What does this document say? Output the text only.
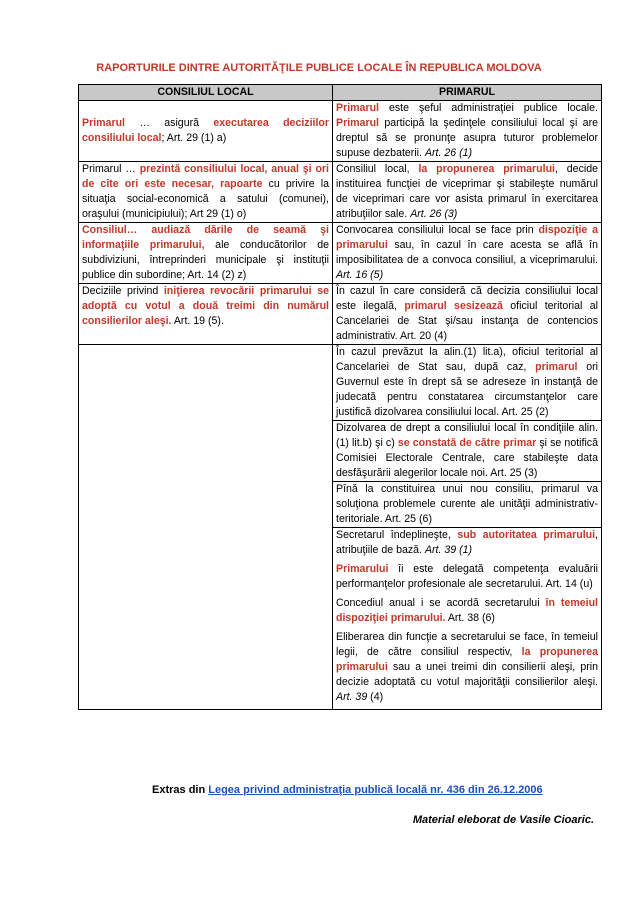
RAPORTURILE DINTRE AUTORITĂŢILE PUBLICE LOCALE ÎN REPUBLICA MOLDOVA
CONSILIUL LOCAL	PRIMARUL
Primarul … asigură executarea deciziilor consiliului local; Art. 29 (1) a)	Primarul este şeful administraţiei publice locale. Primarul participă la şedinţele consiliului local şi are dreptul să se pronunţe asupra tuturor problemelor supuse dezbaterii. Art. 26 (1)
Primarul … prezintă consiliului local, anual şi ori de cîte ori este necesar, rapoarte cu privire la situaţia social-economică a satului (comunei), oraşului (municipiului); Art 29 (1) o)	Consiliul local, la propunerea primarului, decide instituirea funcţiei de viceprimar şi stabileşte numărul de viceprimari care vor asista primarul în exercitarea atribuţiilor sale. Art. 26 (3)
Consiliul… audiază dările de seamă şi informaţiile primarului, ale conducătorilor de subdiviziuni, întreprinderi municipale şi instituţii publice din subordine; Art. 14 (2) z)	Convocarea consiliului local se face prin dispoziţie a primarului sau, în cazul în care acesta se află în imposibilitatea de a convoca consiliul, a viceprimarului. Art. 16 (5)
Deciziile privind iniţierea revocării primarului se adoptă cu votul a două treimi din numărul consilierilor aleşi. Art. 19 (5).	În cazul în care consideră că decizia consiliului local este ilegală, primarul sesizează oficiul teritorial al Cancelariei de Stat şi/sau instanţa de contencios administrativ. Art. 20 (4)
	În cazul prevăzut la alin.(1) lit.a), oficiul teritorial al Cancelariei de Stat sau, după caz, primarul ori Guvernul este în drept să se adreseze în instanţă de judecată pentru constatarea circumstanţelor care justifică dizolvarea consiliului local. Art. 25 (2)
	Dizolvarea de drept a consiliului local în condiţiile alin.(1) lit.b) şi c) se constată de către primar şi se notifică Comisiei Electorale Centrale, care stabileşte data desfăşurării alegerilor locale noi. Art. 25 (3)
	Pînă la constituirea unui nou consiliu, primarul va soluţiona problemele curente ale unităţii administrativ-teritoriale. Art. 25 (6)

	Secretarul îndeplineşte, sub autoritatea primarului, atribuţiile de bază. Art. 39 (1)
Primarului îi este delegată competenţa evaluării performanţelor profesionale ale secretarului. Art. 14 (u)
Concediul anual i se acordă secretarului în temeiul dispoziţiei primarului. Art. 38 (6)
Eliberarea din funcţie a secretarului se face, în temeiul legii, de către consiliul respectiv, la propunerea primarului sau a unei treimi din consilierii aleşi, prin decizie adoptată cu votul majorităţii consilierilor aleşi. Art. 39 (4)
Extras din Legea privind administraţia publică locală nr. 436 din 26.12.2006
Material eleborat de Vasile Cioaric.
